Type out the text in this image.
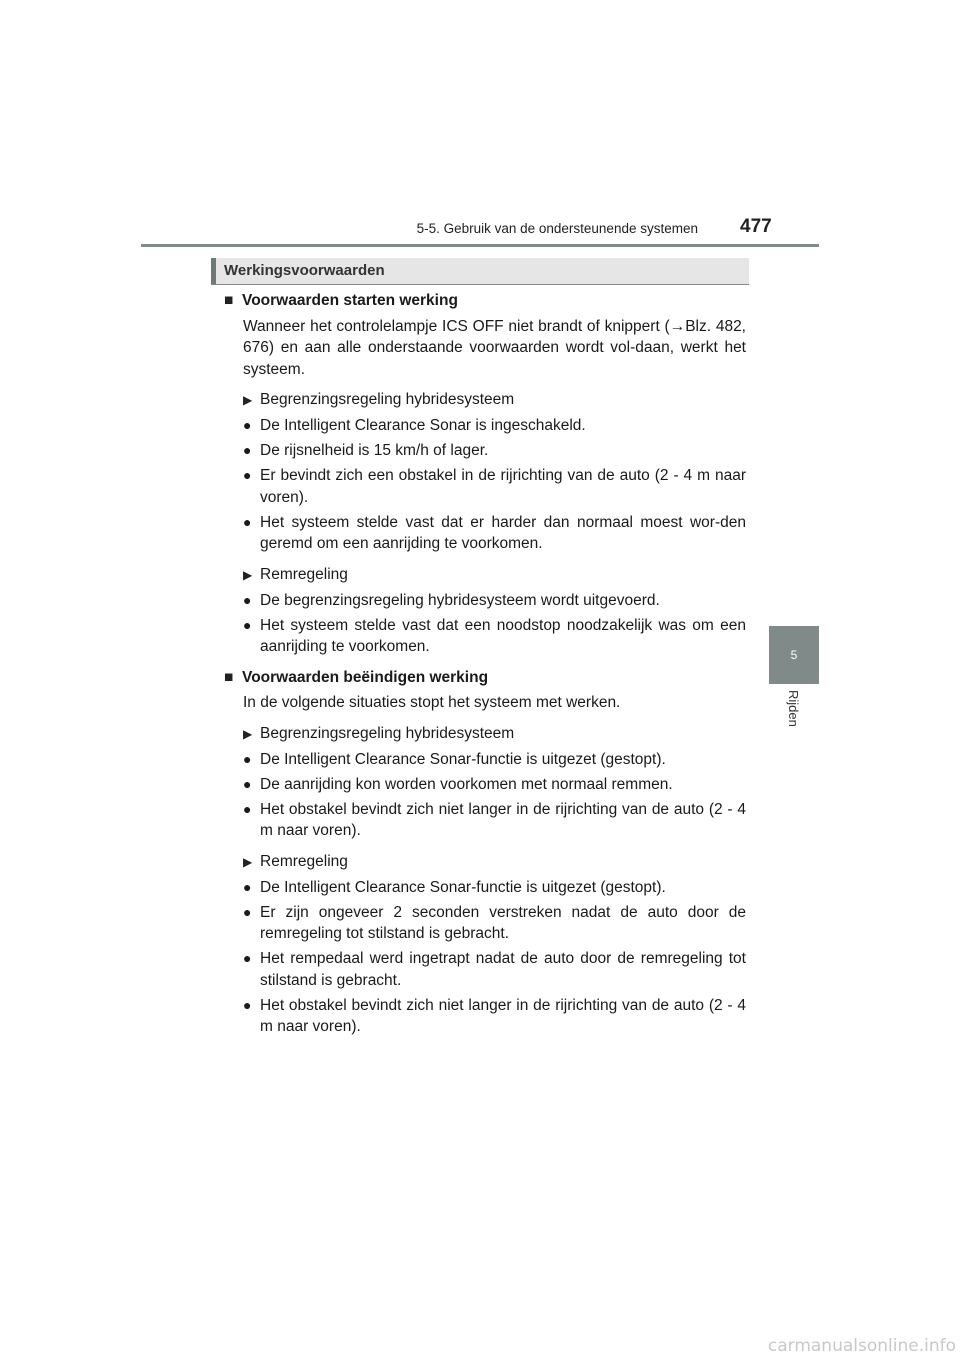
5-5. Gebruik van de ondersteunende systemen 477
5
Rijden
Werkingsvoorwaarden
■ Voorwaarden starten werking
Wanneer het controlelampje ICS OFF niet brandt of knippert (→Blz. 482, 676) en aan alle onderstaande voorwaarden wordt vol-daan, werkt het systeem.
▶ Begrenzingsregeling hybridesysteem
● De Intelligent Clearance Sonar is ingeschakeld.
● De rijsnelheid is 15 km/h of lager.
● Er bevindt zich een obstakel in de rijrichting van de auto (2 - 4 m naar voren).
● Het systeem stelde vast dat er harder dan normaal moest wor-den geremd om een aanrijding te voorkomen.
▶ Remregeling
● De begrenzingsregeling hybridesysteem wordt uitgevoerd.
● Het systeem stelde vast dat een noodstop noodzakelijk was om een aanrijding te voorkomen.
■ Voorwaarden beëindigen werking
In de volgende situaties stopt het systeem met werken.
▶ Begrenzingsregeling hybridesysteem
● De Intelligent Clearance Sonar-functie is uitgezet (gestopt).
● De aanrijding kon worden voorkomen met normaal remmen.
● Het obstakel bevindt zich niet langer in de rijrichting van de auto (2 - 4 m naar voren).
▶ Remregeling
● De Intelligent Clearance Sonar-functie is uitgezet (gestopt).
● Er zijn ongeveer 2 seconden verstreken nadat de auto door de remregeling tot stilstand is gebracht.
● Het rempedaal werd ingetrapt nadat de auto door de remregeling tot stilstand is gebracht.
● Het obstakel bevindt zich niet langer in de rijrichting van de auto (2 - 4 m naar voren).
carmanualsonline.info
